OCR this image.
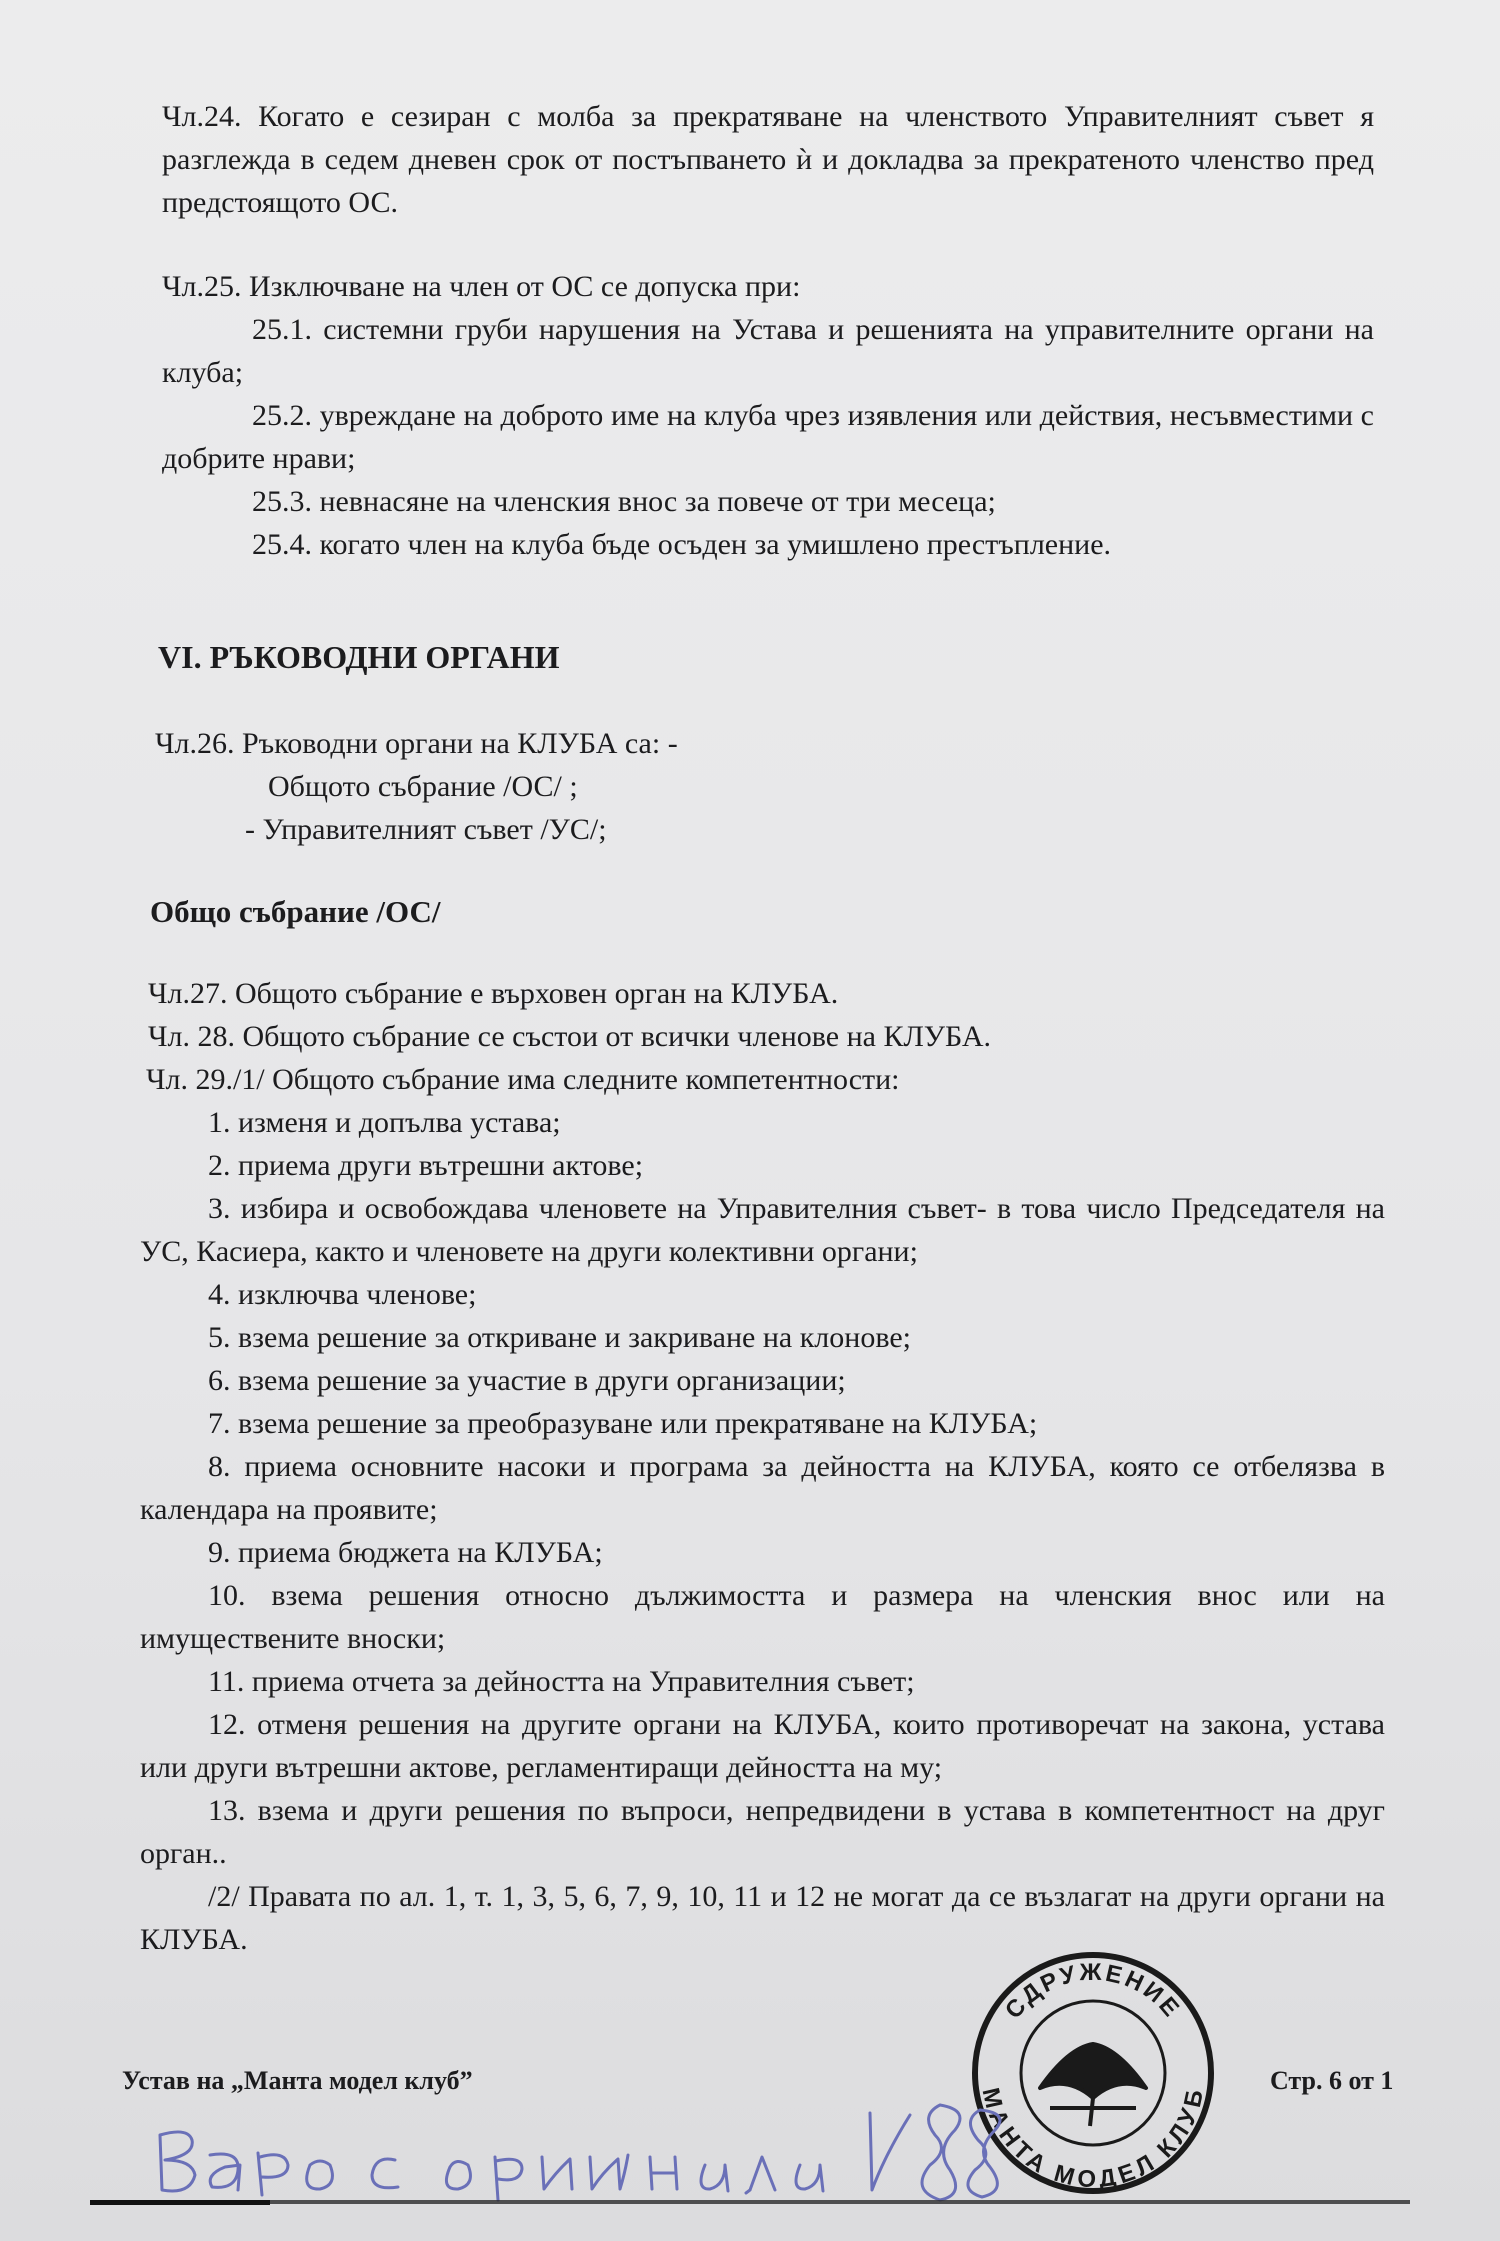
Чл.24. Когато е сезиран с молба за прекратяване на членството Управителният съвет я разглежда в седем дневен срок от постъпването ѝ и докладва за прекратеното членство пред предстоящото ОС.

Чл.25. Изключване на член от ОС се допуска при:

25.1. системни груби нарушения на Устава и решенията на управителните органи на клуба;

25.2. увреждане на доброто име на клуба чрез изявления или действия, несъвместими с добрите нрави;

25.3. невнасяне на членския внос за повече от три месеца;

25.4. когато член на клуба бъде осъден за умишлено престъпление.

VI. РЪКОВОДНИ ОРГАНИ

Чл.26. Ръководни органи на КЛУБА са: -

Общото събрание /ОС/ ;

- Управителният съвет /УС/;

Общо събрание /ОС/

Чл.27. Общото събрание е върховен орган на КЛУБА.

Чл. 28. Общото събрание се състои от всички членове на КЛУБА.

Чл. 29./1/ Общото събрание има следните компетентности:

1. изменя и допълва устава;

2. приема други вътрешни актове;

3. избира и освобождава членовете на Управителния съвет- в това число Председателя на УС, Касиера, както и членовете на други колективни органи;

4. изключва членове;

5. взема решение за откриване и закриване на клонове;

6. взема решение за участие в други организации;

7. взема решение за преобразуване или прекратяване на КЛУБА;

8. приема основните насоки и програма за дейността на КЛУБА, която се отбелязва в календара на проявите;

9. приема бюджета на КЛУБА;

10. взема решения относно дължимостта и размера на членския внос или на имуществените вноски;

11. приема отчета за дейността на Управителния съвет;

12. отменя решения на другите органи на КЛУБА, които противоречат на закона, устава или други вътрешни актове, регламентиращи дейността на му;

13. взема и други решения по въпроси, непредвидени в устава в компетентност на друг орган..

/2/ Правата по ал. 1, т. 1, 3, 5, 6, 7, 9, 10, 11 и 12 не могат да се възлагат на други органи на КЛУБА.

СДРУЖЕНИЕ
МАНТА МОДЕЛ КЛУБ
Устав на „Манта модел клуб”	Стр. 6 от 1
